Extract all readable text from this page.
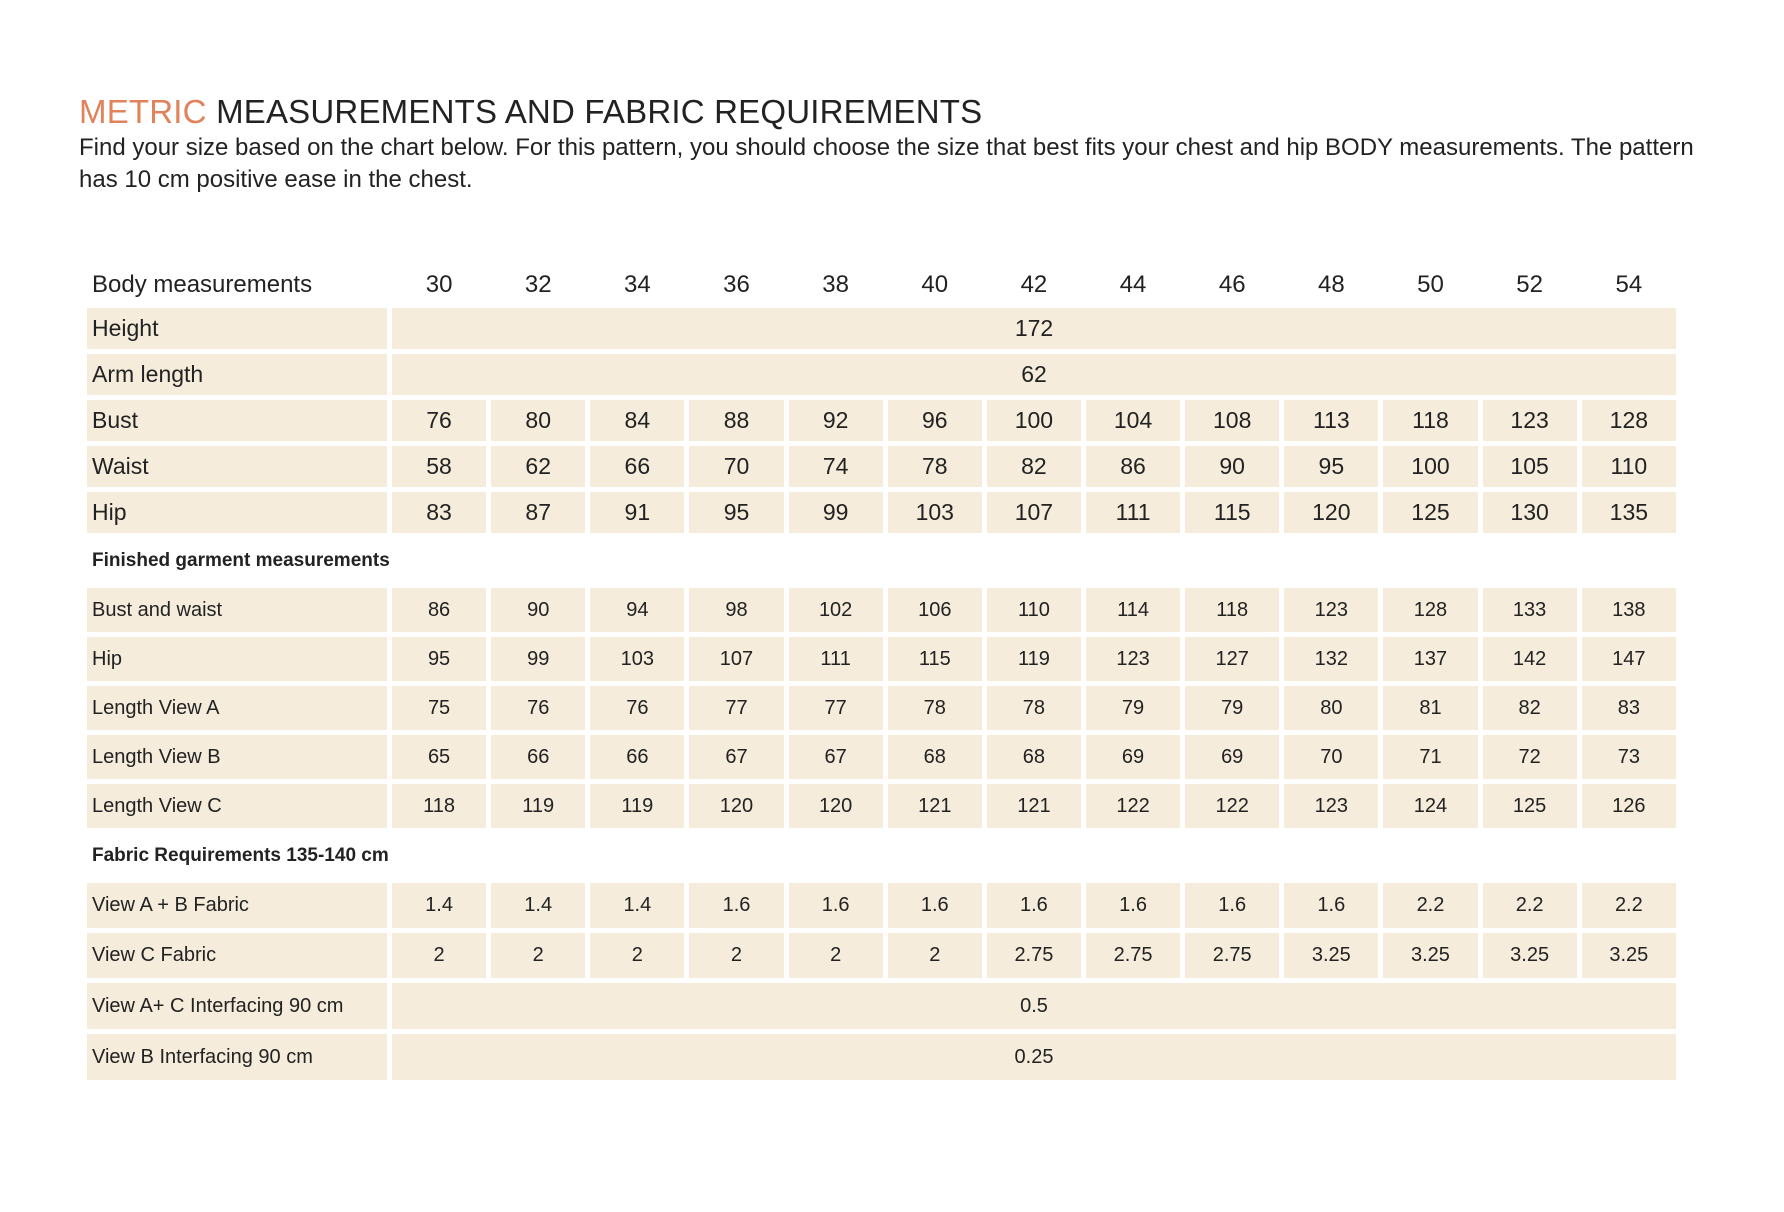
METRIC MEASUREMENTS AND FABRIC REQUIREMENTS

Find your size based on the chart below. For this pattern, you should choose the size that best fits your chest and hip BODY measurements. The pattern has 10 cm positive ease in the chest.

Body measurements	30	32	34	36	38	40	42	44	46	48	50	52	54
Height	172												
Arm length	62												
Bust	76	80	84	88	92	96	100	104	108	113	118	123	128
Waist	58	62	66	70	74	78	82	86	90	95	100	105	110
Hip	83	87	91	95	99	103	107	111	115	120	125	130	135
Finished garment measurements													
Bust and waist	86	90	94	98	102	106	110	114	118	123	128	133	138
Hip	95	99	103	107	111	115	119	123	127	132	137	142	147
Length View A	75	76	76	77	77	78	78	79	79	80	81	82	83
Length View B	65	66	66	67	67	68	68	69	69	70	71	72	73
Length View C	118	119	119	120	120	121	121	122	122	123	124	125	126
Fabric Requirements 135-140 cm													
View A + B Fabric	1.4	1.4	1.4	1.6	1.6	1.6	1.6	1.6	1.6	1.6	2.2	2.2	2.2
View C Fabric	2	2	2	2	2	2	2.75	2.75	2.75	3.25	3.25	3.25	3.25
View A+ C Interfacing 90 cm	0.5												
View B Interfacing 90 cm	0.25												
